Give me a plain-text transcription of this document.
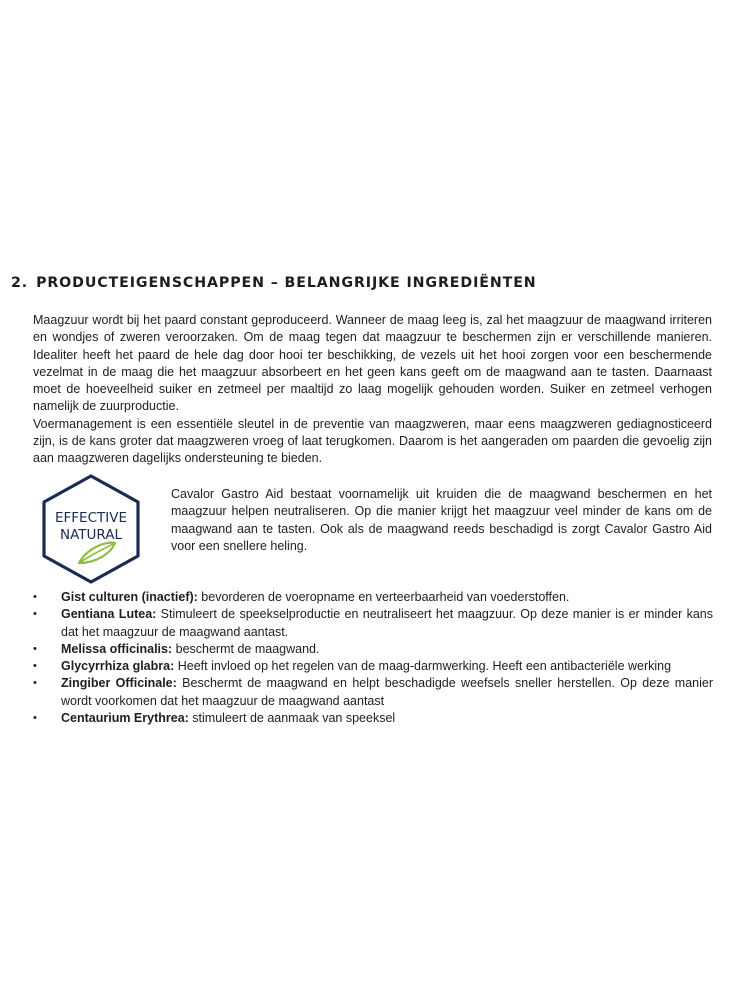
2. PRODUCTEIGENSCHAPPEN – BELANGRIJKE INGREDIËNTEN

Maagzuur wordt bij het paard constant geproduceerd. Wanneer de maag leeg is, zal het maagzuur de maagwand irriteren en wondjes of zweren veroorzaken. Om de maag tegen dat maagzuur te beschermen zijn er verschillende manieren. Idealiter heeft het paard de hele dag door hooi ter beschikking, de vezels uit het hooi zorgen voor een beschermende vezelmat in de maag die het maagzuur absorbeert en het geen kans geeft om de maagwand aan te tasten. Daarnaast moet de hoeveelheid suiker en zetmeel per maaltijd zo laag mogelijk gehouden worden. Suiker en zetmeel verhogen namelijk de zuurproductie.

Voermanagement is een essentiële sleutel in de preventie van maagzweren, maar eens maagzweren gediagnosticeerd zijn, is de kans groter dat maagzweren vroeg of laat terugkomen. Daarom is het aangeraden om paarden die gevoelig zijn aan maagzweren dagelijks ondersteuning te bieden.

EFFECTIVE
NATURAL

Cavalor Gastro Aid bestaat voornamelijk uit kruiden die de maagwand beschermen en het maagzuur helpen neutraliseren. Op die manier krijgt het maagzuur veel minder de kans om de maagwand aan te tasten. Ook als de maagwand reeds beschadigd is zorgt Cavalor Gastro Aid voor een snellere heling.

• Gist culturen (inactief): bevorderen de voeropname en verteerbaarheid van voederstoffen.
• Gentiana Lutea: Stimuleert de speekselproductie en neutraliseert het maagzuur. Op deze manier is er minder kans dat het maagzuur de maagwand aantast.
• Melissa officinalis: beschermt de maagwand.
• Glycyrrhiza glabra: Heeft invloed op het regelen van de maag-darmwerking. Heeft een antibacteriële werking
• Zingiber Officinale: Beschermt de maagwand en helpt beschadigde weefsels sneller herstellen. Op deze manier wordt voorkomen dat het maagzuur de maagwand aantast
• Centaurium Erythrea: stimuleert de aanmaak van speeksel
